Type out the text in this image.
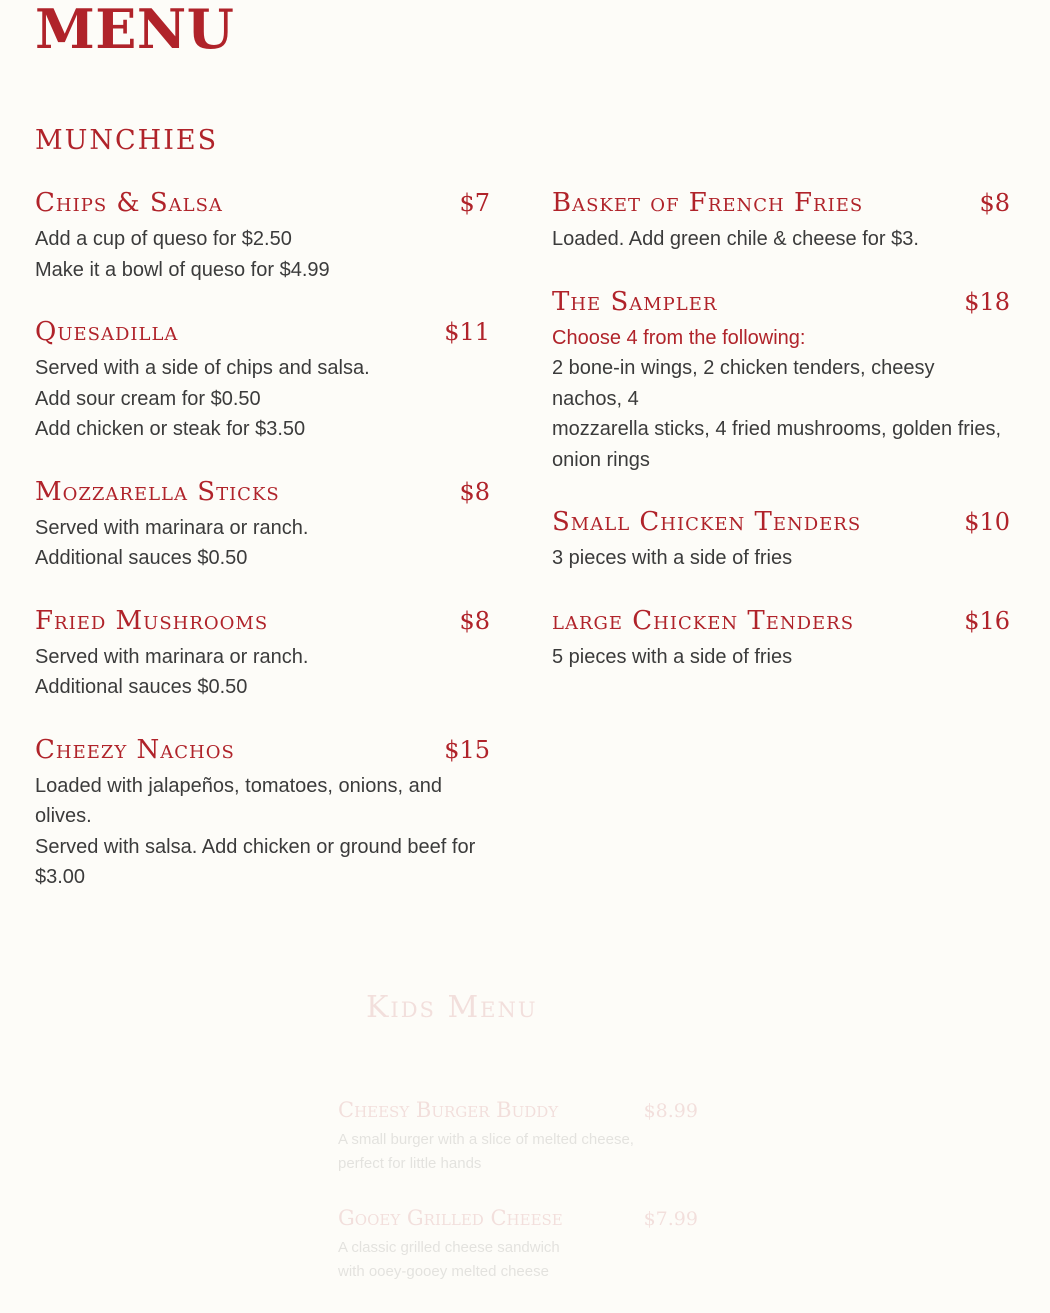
MENU
munchies
Chips & Salsa	$7
Add a cup of queso for $2.50
Make it a bowl of queso for $4.99
Quesadilla	$11
Served with a side of chips and salsa.
Add sour cream for $0.50
Add chicken or steak for $3.50
Mozzarella Sticks	$8
Served with marinara or ranch.
Additional sauces $0.50
Fried Mushrooms	$8
Served with marinara or ranch.
Additional sauces $0.50
Cheezy Nachos	$15
Loaded with jalapeños, tomatoes, onions, and olives.
Served with salsa. Add chicken or ground beef for
$3.00
Basket of French Fries	$8
Loaded. Add green chile & cheese for $3.
The Sampler	$18
Choose 4 from the following:
2 bone-in wings, 2 chicken tenders, cheesy nachos, 4
mozzarella sticks, 4 fried mushrooms, golden fries,
onion rings
Small Chicken Tenders	$10
3 pieces with a side of fries
large Chicken Tenders	$16
5 pieces with a side of fries
Kids Menu
Cheesy Burger Buddy	$8.99
A small burger with a slice of melted cheese,
perfect for little hands
Gooey Grilled Cheese	$7.99
A classic grilled cheese sandwich
with ooey-gooey melted cheese
